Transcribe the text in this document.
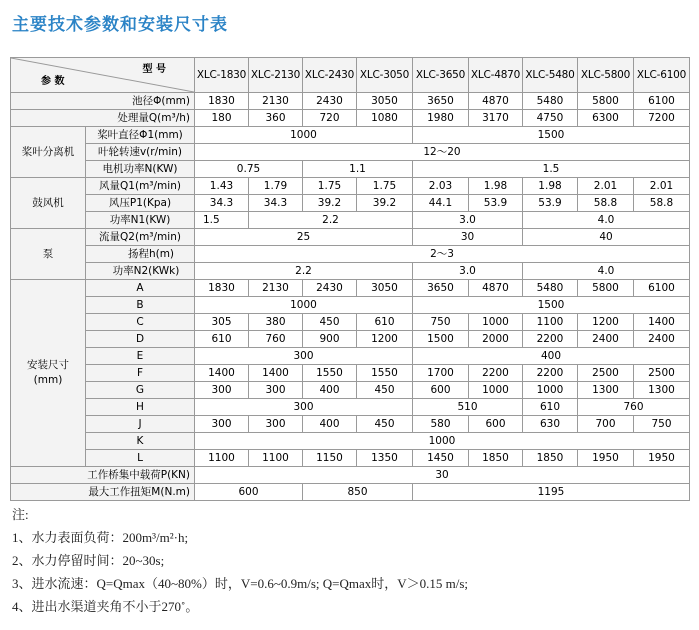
主要技术参数和安装尺寸表
型 号
参 数		XLC-1830	XLC-2130	XLC-2430	XLC-3050	XLC-3650	XLC-4870	XLC-5480	XLC-5800	XLC-6100
池径Φ(mm)		1830	2130	2430	3050	3650	4870	5480	5800	6100
处理量Q(m³/h)		180	360	720	1080	1980	3170	4750	6300	7200
桨叶分离机	桨叶直径Φ1(mm)	1000				1500				
	叶轮转速v(r/min)	12～20								
	电机功率N(KW)	0.75		1.1		1.5				
鼓风机	风量Q1(m³/min)	1.43	1.79	1.75	1.75	2.03	1.98	1.98	2.01	2.01
	风压P1(Kpa)	34.3	34.3	39.2	39.2	44.1	53.9	53.9	58.8	58.8
	功率N1(KW)	1.5	2.2			3.0		4.0		
泵	流量Q2(m³/min)	25				30		40		
	扬程h(m)	2～3								
	功率N2(KWk)	2.2				3.0		4.0		

安装尺寸
(mm)	A	1830	2130	2430	3050	3650	4870	5480	5800	6100
	B	1000				1500				
	C	305	380	450	610	750	1000	1100	1200	1400
	D	610	760	900	1200	1500	2000	2200	2400	2400
	E	300				400				
	F	1400	1400	1550	1550	1700	2200	2200	2500	2500
	G	300	300	400	450	600	1000	1000	1300	1300
	H	300				510		610	760	
	J	300	300	400	450	580	600	630	700	750
	K	1000								
	L	1100	1100	1150	1350	1450	1850	1850	1950	1950
工作桥集中载荷P(KN)		30								
最大工作扭矩M(N.m)		600		850		1195				
注:
1、水力表面负荷：200m³/m²·h;
2、水力停留时间：20~30s;
3、进水流速：Q=Qmax（40~80%）时，V=0.6~0.9m/s; Q=Qmax时，V＞0.15 m/s;
4、进出水渠道夹角不小于270˚。
